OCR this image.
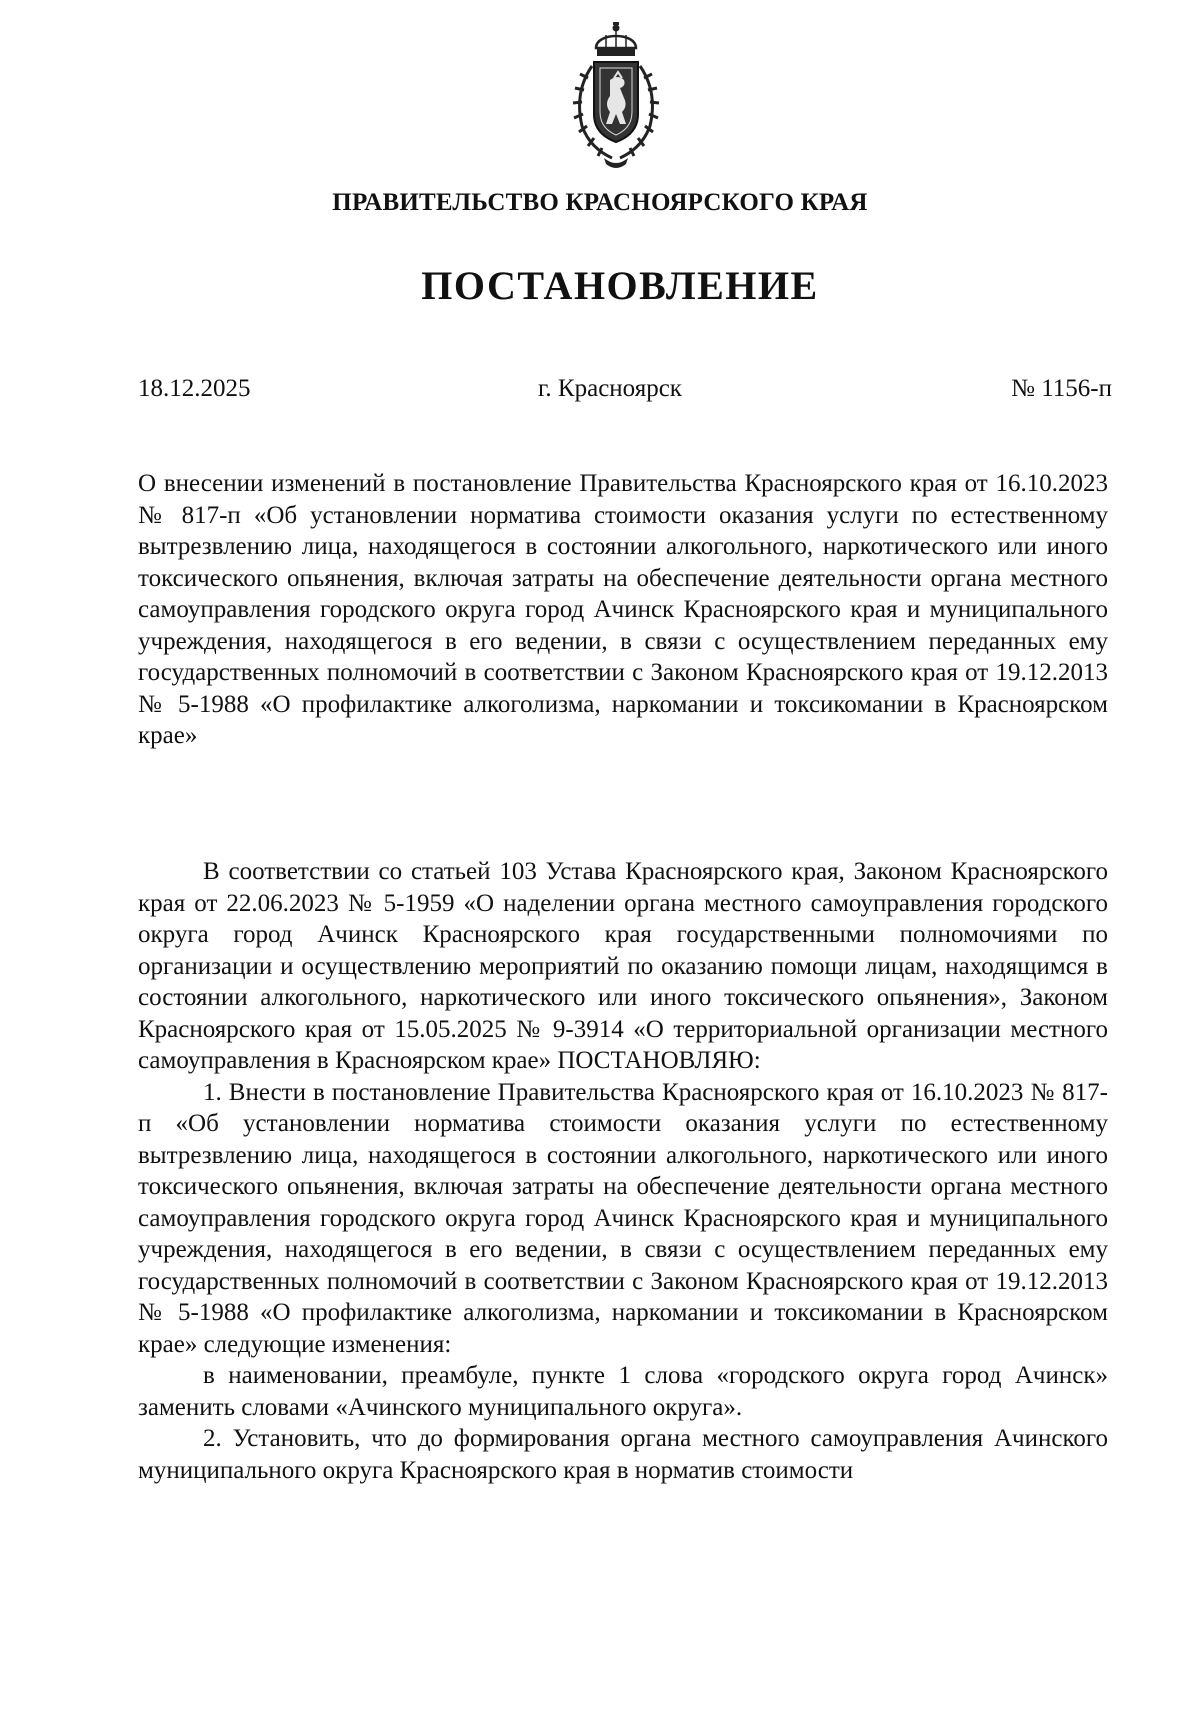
ПРАВИТЕЛЬСТВО КРАСНОЯРСКОГО КРАЯ
ПОСТАНОВЛЕНИЕ
18.12.2025	г. Красноярск	№ 1156-п
О внесении изменений в постановление Правительства Красноярского края от 16.10.2023 № 817-п «Об установлении норматива стоимости оказания услуги по естественному вытрезвлению лица, находящегося в состоянии алкогольного, наркотического или иного токсического опьянения, включая затраты на обеспечение деятельности органа местного самоуправления городского округа город Ачинск Красноярского края и муниципального учреждения, находящегося в его ведении, в связи с осуществлением переданных ему государственных полномочий в соответствии с Законом Красноярского края от 19.12.2013 № 5-1988 «О профилактике алкоголизма, наркомании и токсикомании в Красноярском крае»

В соответствии со статьей 103 Устава Красноярского края, Законом Красноярского края от 22.06.2023 № 5-1959 «О наделении органа местного самоуправления городского округа город Ачинск Красноярского края государственными полномочиями по организации и осуществлению мероприятий по оказанию помощи лицам, находящимся в состоянии алкогольного, наркотического или иного токсического опьянения», Законом Красноярского края от 15.05.2025 № 9-3914 «О территориальной организации местного самоуправления в Красноярском крае» ПОСТАНОВЛЯЮ:

1. Внести в постановление Правительства Красноярского края от 16.10.2023 № 817-п «Об установлении норматива стоимости оказания услуги по естественному вытрезвлению лица, находящегося в состоянии алкогольного, наркотического или иного токсического опьянения, включая затраты на обеспечение деятельности органа местного самоуправления городского округа город Ачинск Красноярского края и муниципального учреждения, находящегося в его ведении, в связи с осуществлением переданных ему государственных полномочий в соответствии с Законом Красноярского края от 19.12.2013 № 5-1988 «О профилактике алкоголизма, наркомании и токсикомании в Красноярском крае» следующие изменения:

в наименовании, преамбуле, пункте 1 слова «городского округа город Ачинск» заменить словами «Ачинского муниципального округа».

2. Установить, что до формирования органа местного самоуправления Ачинского муниципального округа Красноярского края в норматив стоимости
